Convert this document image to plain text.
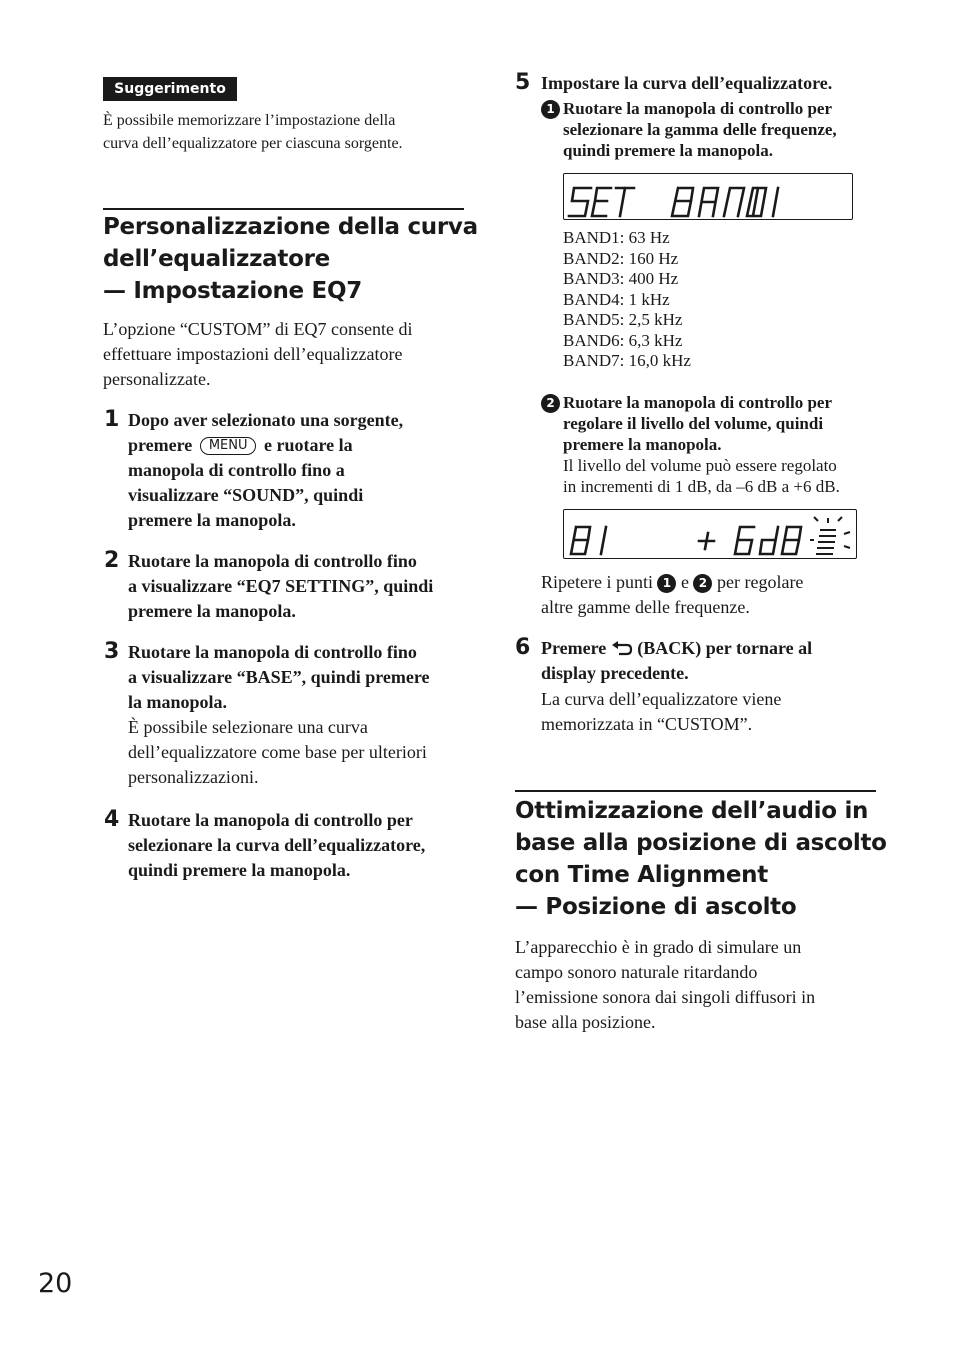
Suggerimento
È possibile memorizzare l’impostazione della
curva dell’equalizzatore per ciascuna sorgente.
Personalizzazione della curva
dell’equalizzatore
— Impostazione EQ7
L’opzione “CUSTOM” di EQ7 consente di
effettuare impostazioni dell’equalizzatore
personalizzate.
1 Dopo aver selezionato una sorgente,
premere MENU e ruotare la
manopola di controllo fino a
visualizzare “SOUND”, quindi
premere la manopola.
2 Ruotare la manopola di controllo fino
a visualizzare “EQ7 SETTING”, quindi
premere la manopola.
3 Ruotare la manopola di controllo fino
a visualizzare “BASE”, quindi premere
la manopola.
È possibile selezionare una curva
dell’equalizzatore come base per ulteriori
personalizzazioni.
4 Ruotare la manopola di controllo per
selezionare la curva dell’equalizzatore,
quindi premere la manopola.
5 Impostare la curva dell’equalizzatore.
1 Ruotare la manopola di controllo per
selezionare la gamma delle frequenze,
quindi premere la manopola.
BAND1: 63 Hz
BAND2: 160 Hz
BAND3: 400 Hz
BAND4: 1 kHz
BAND5: 2,5 kHz
BAND6: 6,3 kHz
BAND7: 16,0 kHz
2 Ruotare la manopola di controllo per
regolare il livello del volume, quindi
premere la manopola.
Il livello del volume può essere regolato
in incrementi di 1 dB, da –6 dB a +6 dB.
Ripetere i punti 1 e 2 per regolare
altre gamme delle frequenze.
6 Premere (BACK) per tornare al
display precedente.
La curva dell’equalizzatore viene
memorizzata in “CUSTOM”.
Ottimizzazione dell’audio in
base alla posizione di ascolto
con Time Alignment
— Posizione di ascolto
L’apparecchio è in grado di simulare un
campo sonoro naturale ritardando
l’emissione sonora dai singoli diffusori in
base alla posizione.
20
